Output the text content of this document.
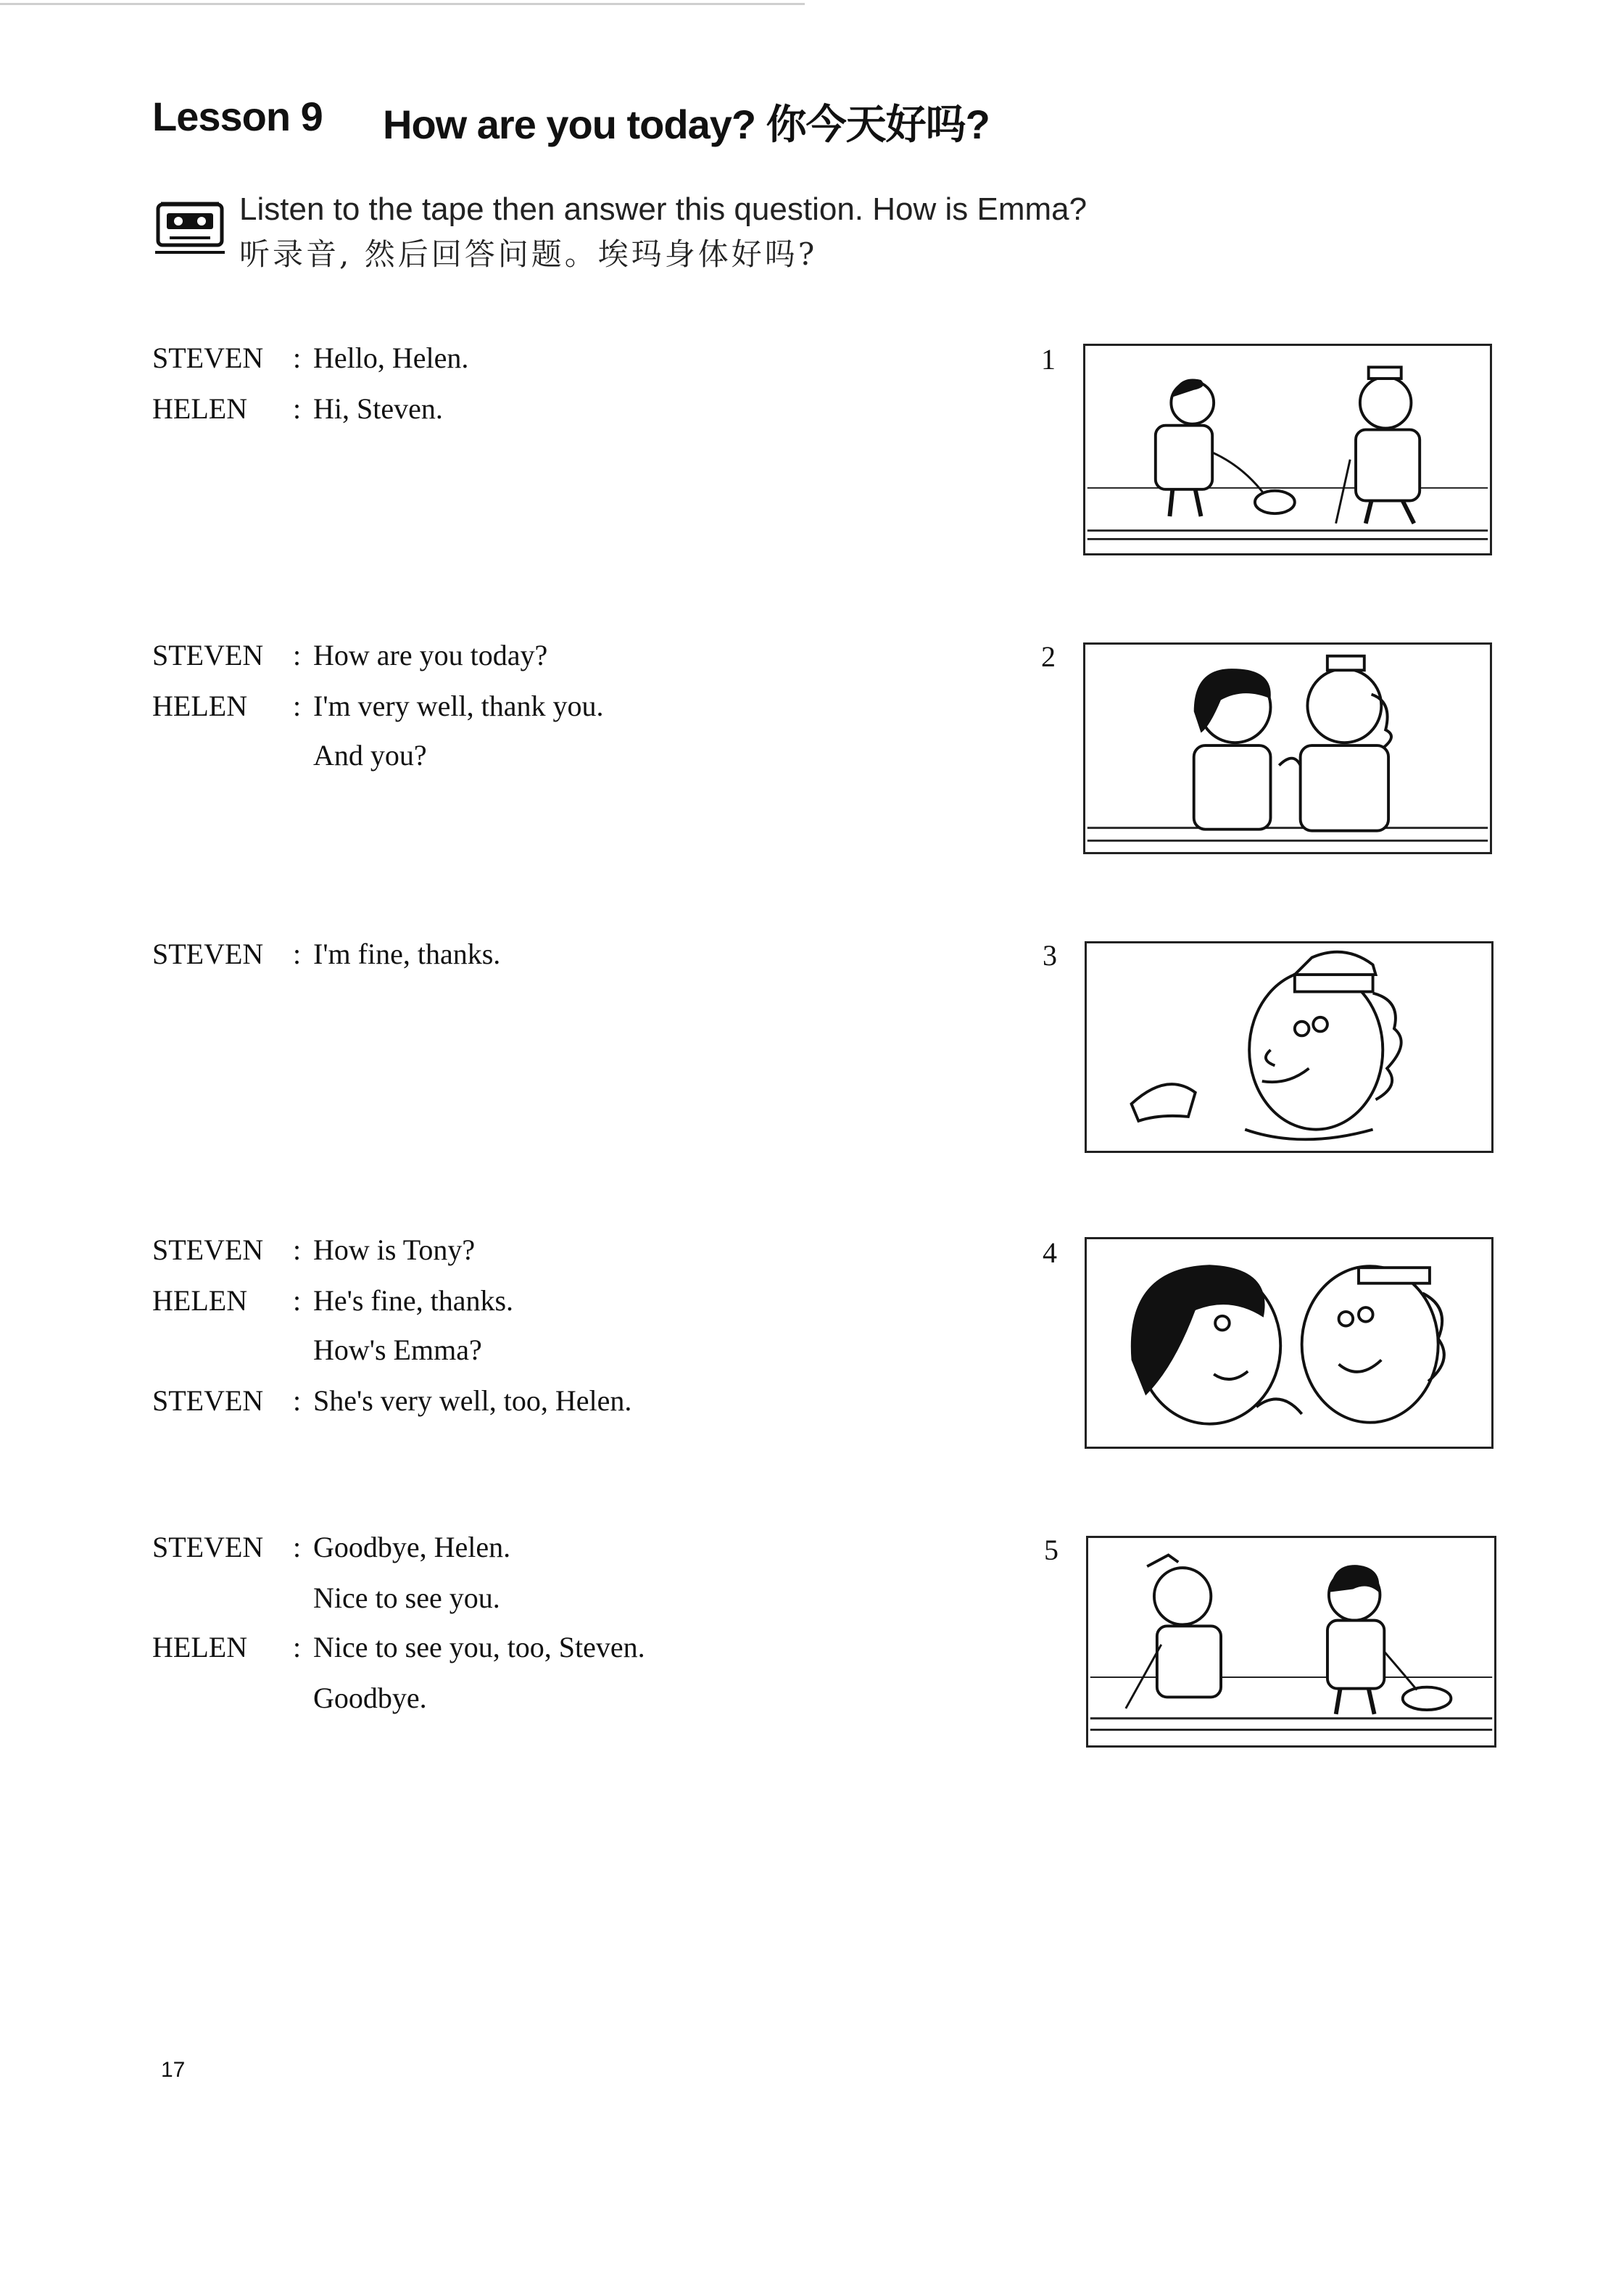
Lesson 9 How are you today? 你今天好吗?
Listen to the tape then answer this question. How is Emma?
听录音, 然后回答问题。埃玛身体好吗?
STEVEN : Hello, Helen.
HELEN : Hi, Steven.
1
STEVEN : How are you today?
HELEN : I'm very well, thank you.
And you?
2
STEVEN : I'm fine, thanks.	3
STEVEN : How is Tony?
HELEN : He's fine, thanks.
How's Emma?
STEVEN : She's very well, too, Helen.
4
STEVEN : Goodbye, Helen.
Nice to see you.
HELEN : Nice to see you, too, Steven.
Goodbye.
5
17
